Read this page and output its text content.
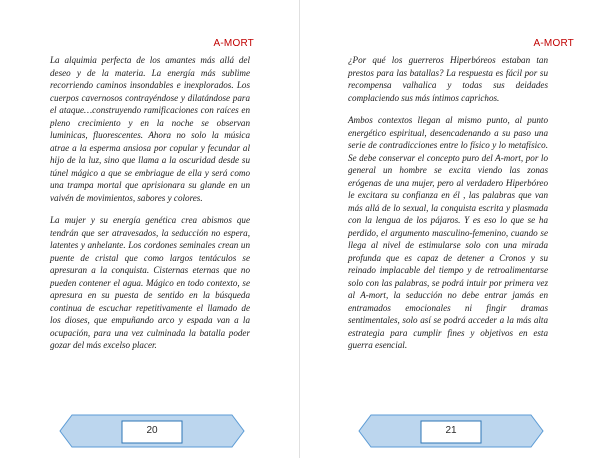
A-MORT

La alquimia perfecta de los amantes más allá del deseo y de la materia. La energía más sublime recorriendo caminos insondables e inexplorados. Los cuerpos cavernosos contrayéndose y dilatándose para el ataque…construyendo ramificaciones con raíces en pleno crecimiento y en la noche se observan luminicas, fluorescentes. Ahora no solo la música atrae a la esperma ansiosa por copular y fecundar al hijo de la luz, sino que llama a la oscuridad desde su túnel mágico a que se embriague de ella y será como una trampa mortal que aprisionara su glande en un vaivén de movimientos, sabores y colores.

La mujer y su energía genética crea abismos que tendrán que ser atravesados, la seducción no espera, latentes y anhelante. Los cordones seminales crean un puente de cristal que como largos tentáculos se apresuran a la conquista. Cisternas eternas que no pueden contener el agua. Mágico en todo contexto, se apresura en su puesta de sentido en la búsqueda continua de escuchar repetitivamente el llamado de los dioses, que empuñando arco y espada van a la ocupación, para una vez culminada la batalla poder gozar del más excelso placer.

20
A-MORT

¿Por qué los guerreros Hiperbóreos estaban tan prestos para las batallas? La respuesta es fácil por su recompensa valhalica y todas sus deidades complaciendo sus más íntimos caprichos.

Ambos contextos llegan al mismo punto, al punto energético espiritual, desencadenando a su paso una serie de contradicciones entre lo físico y lo metafísico. Se debe conservar el concepto puro del A-mort, por lo general un hombre se excita viendo las zonas erógenas de una mujer, pero al verdadero Hiperbóreo le excitara su confianza en él , las palabras que van más allá de lo sexual, la conquista escrita y plasmada con la lengua de los pájaros. Y es eso lo que se ha perdido, el argumento masculino-femenino, cuando se llega al nivel de estimularse solo con una mirada profunda que es capaz de detener a Cronos y su reinado implacable del tiempo y de retroalimentarse solo con las palabras, se podrá intuir por primera vez al A-mort, la seducción no debe entrar jamás en entramados emocionales ni fingir dramas sentimentales, solo así se podrá acceder a la más alta estrategia para cumplir fines y objetivos en esta guerra esencial.

21
